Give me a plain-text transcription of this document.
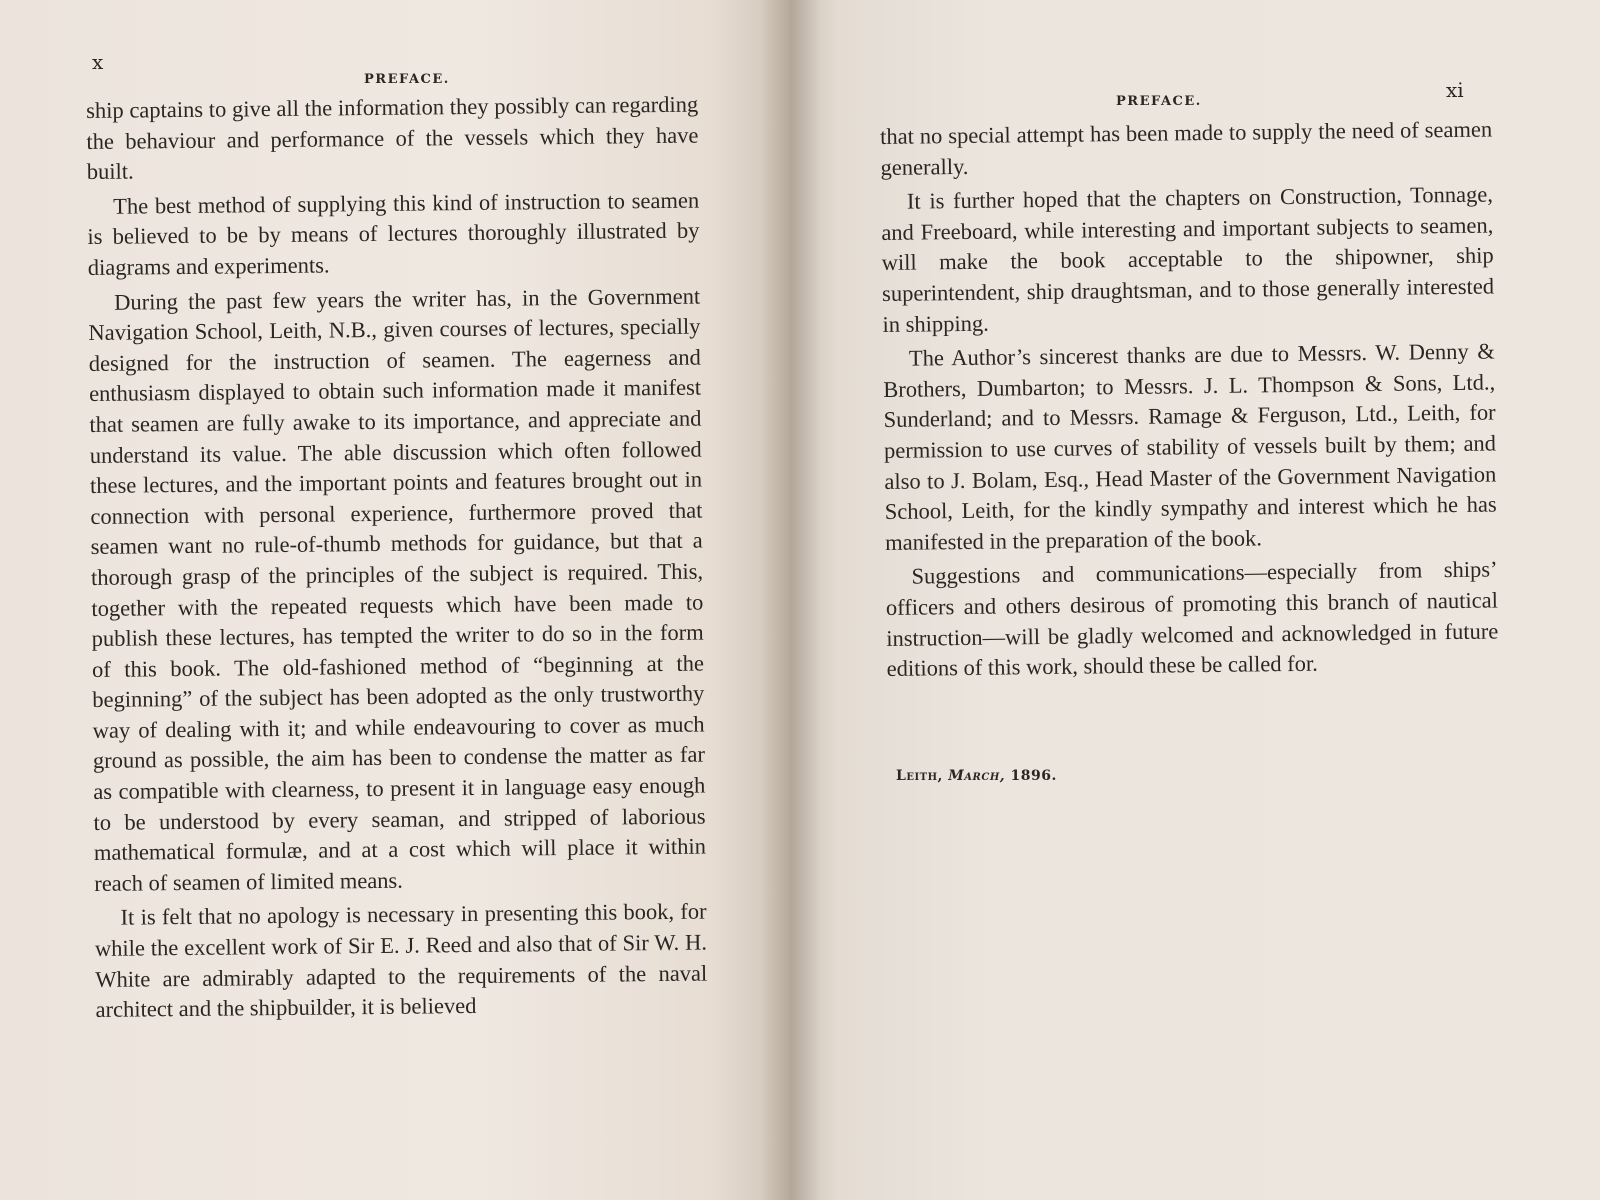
x
PREFACE.

ship captains to give all the information they possibly can regarding the behaviour and performance of the vessels which they have built.

The best method of supplying this kind of instruction to seamen is believed to be by means of lectures thoroughly illustrated by diagrams and experiments.

During the past few years the writer has, in the Government Navigation School, Leith, N.B., given courses of lectures, specially designed for the instruction of seamen. The eagerness and enthusiasm displayed to obtain such information made it manifest that seamen are fully awake to its importance, and appreciate and understand its value. The able discussion which often followed these lectures, and the important points and features brought out in connection with personal experience, furthermore proved that seamen want no rule-of-thumb methods for guidance, but that a thorough grasp of the principles of the subject is required. This, together with the repeated requests which have been made to publish these lectures, has tempted the writer to do so in the form of this book. The old-fashioned method of “beginning at the beginning” of the subject has been adopted as the only trustworthy way of dealing with it; and while endeavouring to cover as much ground as possible, the aim has been to condense the matter as far as compatible with clearness, to present it in language easy enough to be understood by every seaman, and stripped of laborious mathematical formulæ, and at a cost which will place it within reach of seamen of limited means.

It is felt that no apology is necessary in presenting this book, for while the excellent work of Sir E. J. Reed and also that of Sir W. H. White are admirably adapted to the requirements of the naval architect and the shipbuilder, it is believed

xi
PREFACE.

that no special attempt has been made to supply the need of seamen generally.

It is further hoped that the chapters on Construction, Tonnage, and Freeboard, while interesting and important subjects to seamen, will make the book acceptable to the shipowner, ship superintendent, ship draughtsman, and to those generally interested in shipping.

The Author’s sincerest thanks are due to Messrs. W. Denny & Brothers, Dumbarton; to Messrs. J. L. Thompson & Sons, Ltd., Sunderland; and to Messrs. Ramage & Ferguson, Ltd., Leith, for permission to use curves of stability of vessels built by them; and also to J. Bolam, Esq., Head Master of the Government Navigation School, Leith, for the kindly sympathy and interest which he has manifested in the preparation of the book.

Suggestions and communications—especially from ships’ officers and others desirous of promoting this branch of nautical instruction—will be gladly welcomed and acknowledged in future editions of this work, should these be called for.

Leith, March, 1896.
